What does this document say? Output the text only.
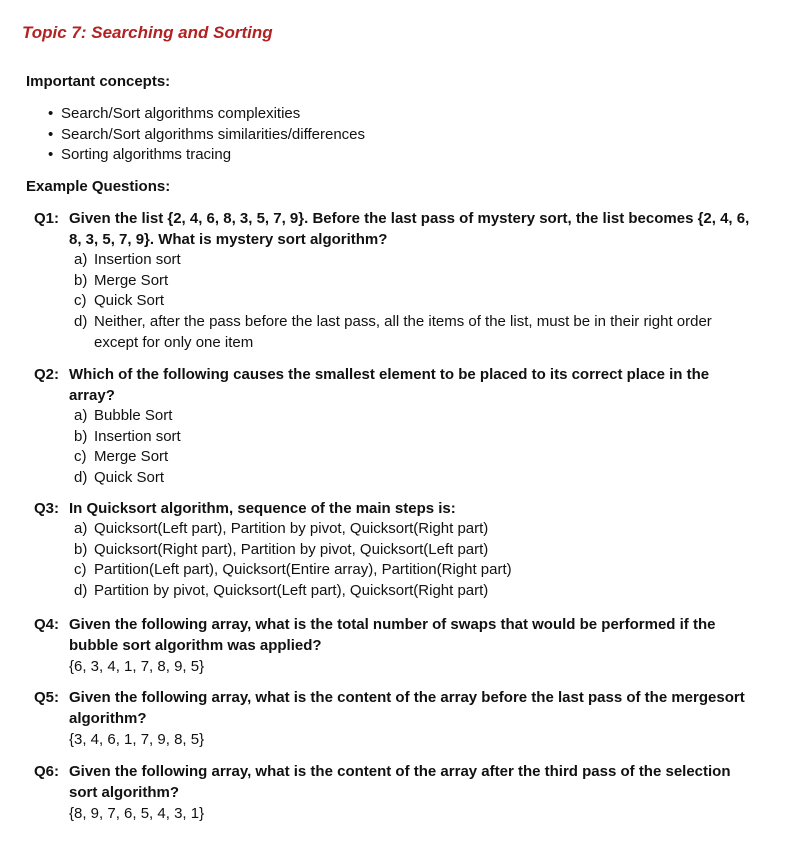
Topic 7: Searching and Sorting
Important concepts:
• Search/Sort algorithms complexities
• Search/Sort algorithms similarities/differences
• Sorting algorithms tracing
Example Questions:
Q1: Given the list {2, 4, 6, 8, 3, 5, 7, 9}. Before the last pass of mystery sort, the list becomes {2, 4, 6, 8, 3, 5, 7, 9}. What is mystery sort algorithm?
a) Insertion sort
b) Merge Sort
c) Quick Sort
d) Neither, after the pass before the last pass, all the items of the list, must be in their right order except for only one item
Q2: Which of the following causes the smallest element to be placed to its correct place in the array?
a) Bubble Sort
b) Insertion sort
c) Merge Sort
d) Quick Sort
Q3: In Quicksort algorithm, sequence of the main steps is:
a) Quicksort(Left part), Partition by pivot, Quicksort(Right part)
b) Quicksort(Right part), Partition by pivot, Quicksort(Left part)
c) Partition(Left part), Quicksort(Entire array), Partition(Right part)
d) Partition by pivot, Quicksort(Left part), Quicksort(Right part)
Q4: Given the following array, what is the total number of swaps that would be performed if the bubble sort algorithm was applied?
{6, 3, 4, 1, 7, 8, 9, 5}
Q5: Given the following array, what is the content of the array before the last pass of the mergesort algorithm?
{3, 4, 6, 1, 7, 9, 8, 5}
Q6: Given the following array, what is the content of the array after the third pass of the selection sort algorithm?
{8, 9, 7, 6, 5, 4, 3, 1}
